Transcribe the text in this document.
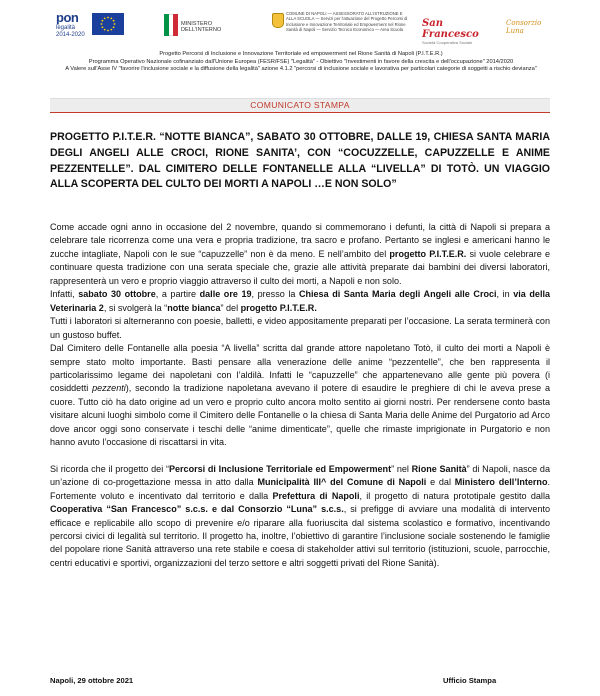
pon
legalità 2014-2020
MINISTERO DELL'INTERNO
COMUNE DI NAPOLI — ASSESSORATO ALL'ISTRUZIONE E ALLA SCUOLA — Servizi per l'attuazione del Progetto Percorsi di Inclusione e Innovazione Territoriale ed Empowerment nel Rione Sanità di Napoli — Servizio Tecnico Economico — Area Scuola
San Francesco
Società Cooperativa Sociale
Consorzio Luna
Progetto Percorsi di Inclusione e Innovazione Territoriale ed empowerment nel Rione Sanità di Napoli (P.I.T.E.R.)
Programma Operativo Nazionale cofinanziato dall'Unione Europea (FESR/FSE) "Legalità" - Obiettivo "Investimenti in favore della crescita e dell'occupazione" 2014/2020
A Valere sull'Asse IV "favorire l'inclusione sociale e la diffusione della legalità" azione 4.1.2 "percorsi di inclusione sociale e lavorativa per particolari categorie di soggetti a rischio devianza"
COMUNICATO STAMPA
PROGETTO P.I.T.E.R. “NOTTE BIANCA”, SABATO 30 OTTOBRE, DALLE 19, CHIESA SANTA MARIA DEGLI ANGELI ALLE CROCI, RIONE SANITA’, CON “COCUZZELLE, CAPUZZELLE E ANIME PEZZENTELLE”. DAL CIMITERO DELLE FONTANELLE ALLA “LIVELLA” DI TOTÒ. UN VIAGGIO ALLA SCOPERTA DEL CULTO DEI MORTI A NAPOLI …E NON SOLO”

Come accade ogni anno in occasione del 2 novembre, quando si commemorano i defunti, la città di Napoli si prepara a celebrare tale ricorrenza come una vera e propria tradizione, tra sacro e profano. Pertanto se inglesi e americani hanno le zucche intagliate, Napoli con le sue “capuzzelle” non è da meno. E nell’ambito del progetto P.I.T.E.R. si vuole celebrare e continuare questa tradizione con una serata speciale che, grazie alle attività preparate dai bambini dei diversi laboratori, rappresenterà un vero e proprio viaggio attraverso il culto dei morti, a Napoli e non solo.

Infatti, sabato 30 ottobre, a partire dalle ore 19, presso la Chiesa di Santa Maria degli Angeli alle Croci, in via della Veterinaria 2, si svolgerà la “notte bianca” del progetto P.I.T.E.R.

Tutti i laboratori si alterneranno con poesie, balletti, e video appositamente preparati per l’occasione. La serata terminerà con un gustoso buffet.

Dal Cimitero delle Fontanelle alla poesia “A livella” scritta dal grande attore napoletano Totò, il culto dei morti a Napoli è sempre stato molto importante. Basti pensare alla venerazione delle anime “pezzentelle”, che ben rappresenta il particolarissimo legame dei napoletani con l’aldilà. Infatti le “capuzzelle” che appartenevano alle gente più povera (i cosiddetti pezzenti), secondo la tradizione napoletana avevano il potere di esaudire le preghiere di chi le aveva prese a cuore. Tutto ciò ha dato origine ad un vero e proprio culto ancora molto sentito ai giorni nostri. Per rendersene conto basta visitare alcuni luoghi simbolo come il Cimitero delle Fontanelle o la chiesa di Santa Maria delle Anime del Purgatorio ad Arco dove ancor oggi sono conservate i teschi delle “anime dimenticate”, quelle che rimaste imprigionate in Purgatorio e non hanno avuto l’occasione di riscattarsi in vita.

Si ricorda che il progetto dei “Percorsi di Inclusione Territoriale ed Empowerment” nel Rione Sanità” di Napoli, nasce da un’azione di co-progettazione messa in atto dalla Municipalità III^ del Comune di Napoli e dal Ministero dell’Interno. Fortemente voluto e incentivato dal territorio e dalla Prefettura di Napoli, il progetto di natura prototipale gestito dalla Cooperativa “San Francesco” s.c.s. e dal Consorzio “Luna” s.c.s., si prefigge di avviare una modalità di intervento efficace e replicabile allo scopo di prevenire e/o riparare alla fuoriuscita dal sistema scolastico e formativo, incentivando percorsi civici di legalità sul territorio. Il progetto ha, inoltre, l’obiettivo di garantire l’inclusione sociale sostenendo le famiglie del popolare rione Sanità attraverso una rete stabile e coesa di stakeholder attivi sul territorio (istituzioni, scuole, parrocchie, centri educativi e sportivi, organizzazioni del terzo settore e altri soggetti privati del Rione Sanità).

Napoli, 29 ottobre 2021	Ufficio Stampa
